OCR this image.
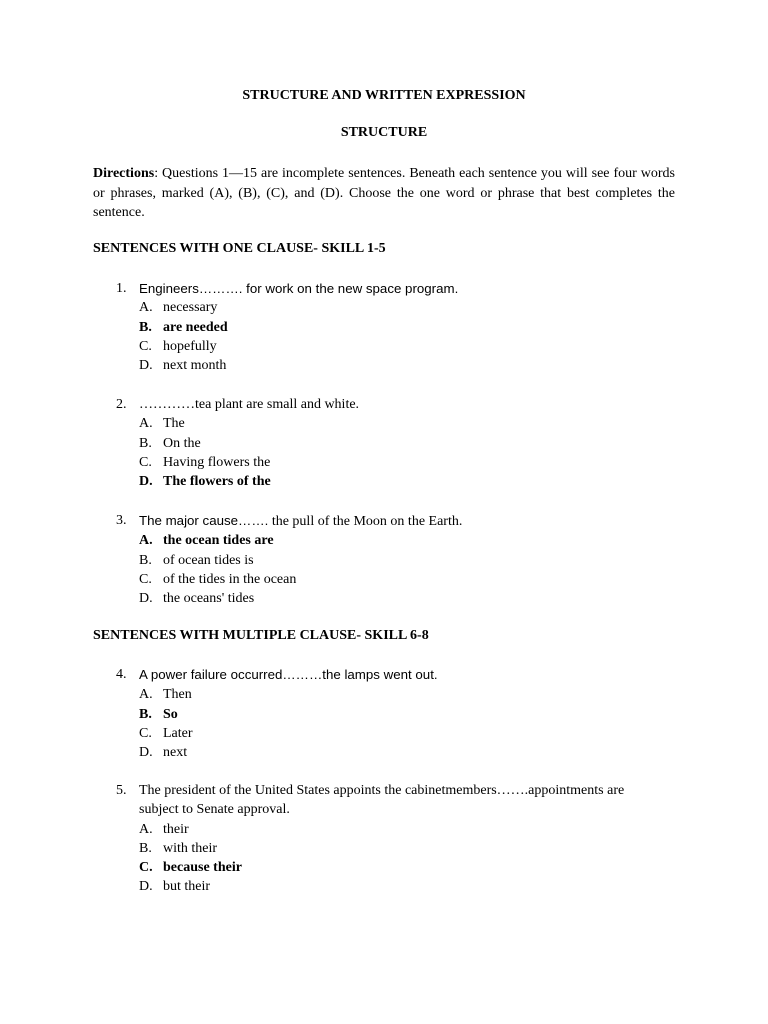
STRUCTURE AND WRITTEN EXPRESSION
STRUCTURE

Directions: Questions 1—15 are incomplete sentences. Beneath each sentence you will see four words or phrases, marked (A), (B), (C), and (D). Choose the one word or phrase that best completes the sentence.

SENTENCES WITH ONE CLAUSE- SKILL 1-5
1. Engineers………. for work on the new space program.
A. necessary
B. are needed
C. hopefully
D. next month
2. …………tea plant are small and white.
A. The
B. On the
C. Having flowers the
D. The flowers of the
3. The major cause……. the pull of the Moon on the Earth.
A. the ocean tides are
B. of ocean tides is
C. of the tides in the ocean
D. the oceans' tides
SENTENCES WITH MULTIPLE CLAUSE- SKILL 6-8
4. A power failure occurred………the lamps went out.
A. Then
B. So
C. Later
D. next
5. The president of the United States appoints the cabinetmembers…….appointments are subject to Senate approval.
A. their
B. with their
C. because their
D. but their
